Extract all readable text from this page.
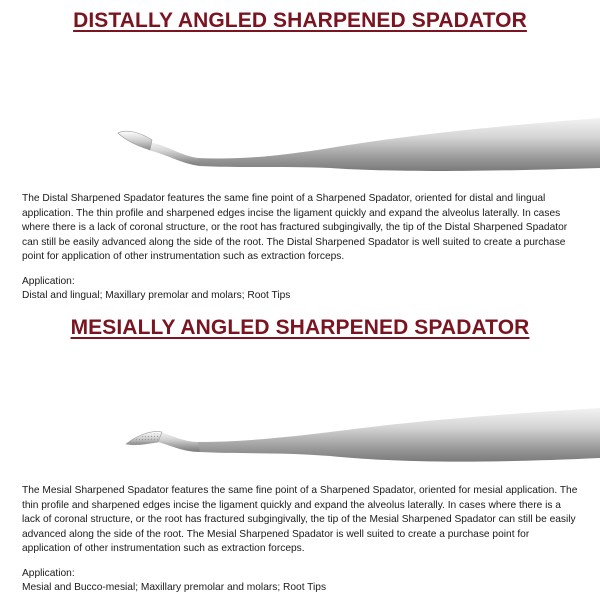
DISTALLY ANGLED SHARPENED SPADATOR

The Distal Sharpened Spadator features the same fine point of a Sharpened Spadator, oriented for distal and lingual application. The thin profile and sharpened edges incise the ligament quickly and expand the alveolus laterally. In cases where there is a lack of coronal structure, or the root has fractured subgingivally, the tip of the Distal Sharpened Spadator can still be easily advanced along the side of the root. The Distal Sharpened Spadator is well suited to create a purchase point for application of other instrumentation such as extraction forceps.

Application:

Distal and lingual; Maxillary premolar and molars; Root Tips

MESIALLY ANGLED SHARPENED SPADATOR

The Mesial Sharpened Spadator features the same fine point of a Sharpened Spadator, oriented for mesial application. The thin profile and sharpened edges incise the ligament quickly and expand the alveolus laterally. In cases where there is a lack of coronal structure, or the root has fractured subgingivally, the tip of the Mesial Sharpened Spadator can still be easily advanced along the side of the root. The Mesial Sharpened Spadator is well suited to create a purchase point for application of other instrumentation such as extraction forceps.

Application:

Mesial and Bucco-mesial; Maxillary premolar and molars; Root Tips
